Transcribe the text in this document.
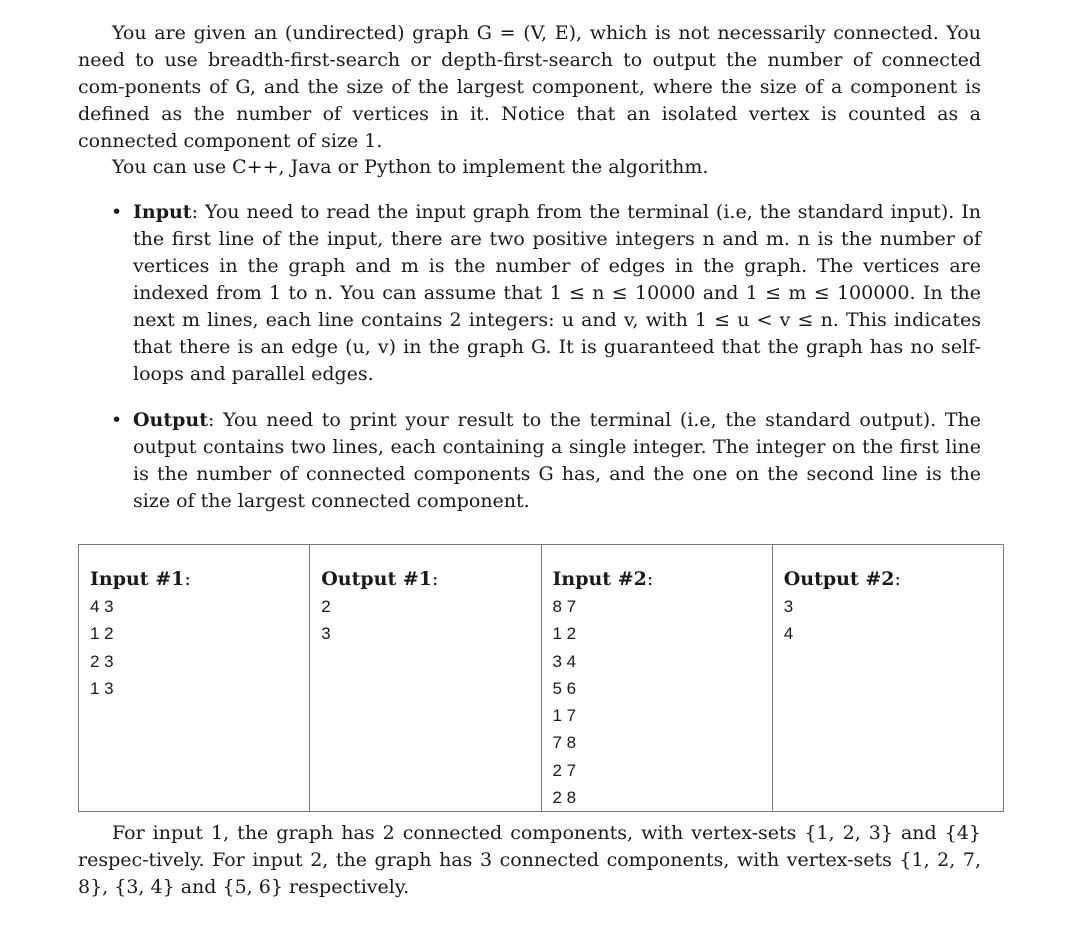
You are given an (undirected) graph G = (V, E), which is not necessarily connected. You need to use breadth-first-search or depth-first-search to output the number of connected com-ponents of G, and the size of the largest component, where the size of a component is defined as the number of vertices in it. Notice that an isolated vertex is counted as a connected component of size 1.

You can use C++, Java or Python to implement the algorithm.

• Input: You need to read the input graph from the terminal (i.e, the standard input). In the first line of the input, there are two positive integers n and m. n is the number of vertices in the graph and m is the number of edges in the graph. The vertices are indexed from 1 to n. You can assume that 1 ≤ n ≤ 10000 and 1 ≤ m ≤ 100000. In the next m lines, each line contains 2 integers: u and v, with 1 ≤ u < v ≤ n. This indicates that there is an edge (u, v) in the graph G. It is guaranteed that the graph has no self-loops and parallel edges.
• Output: You need to print your result to the terminal (i.e, the standard output). The output contains two lines, each containing a single integer. The integer on the first line is the number of connected components G has, and the one on the second line is the size of the largest connected component.
Input #1:
4 3
1 2
2 3
1 3

Output #1:
2
3

Input #2:
8 7
1 2
3 4
5 6
1 7
7 8
2 7
2 8

Output #2:
3
4

For input 1, the graph has 2 connected components, with vertex-sets {1, 2, 3} and {4} respec-tively. For input 2, the graph has 3 connected components, with vertex-sets {1, 2, 7, 8}, {3, 4} and {5, 6} respectively.
